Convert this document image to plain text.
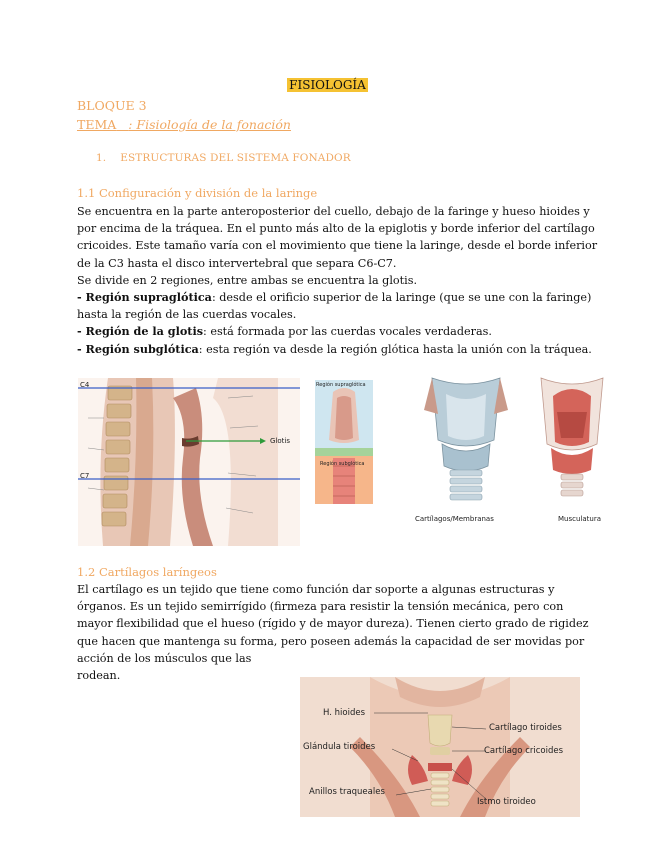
FISIOLOGÍA
BLOQUE 3
TEMA : Fisiología de la fonación
1. ESTRUCTURAS DEL SISTEMA FONADOR
1.1 Configuración y división de la laringe

Se encuentra en la parte anteroposterior del cuello, debajo de la faringe y hueso hioides y

por encima de la tráquea. En el punto más alto de la epiglotis y borde inferior del cartílago

cricoides. Este tamaño varía con el movimiento que tiene la laringe, desde el borde inferior

de la C3 hasta el disco intervertebral que separa C6-C7.

Se divide en 2 regiones, entre ambas se encuentra la glotis.

- Región supraglótica: desde el orificio superior de la laringe (que se une con la faringe)

hasta la región de las cuerdas vocales.

- Región de la glotis: está formada por las cuerdas vocales verdaderas.

- Región subglótica: esta región va desde la región glótica hasta la unión con la tráquea.

C4
C7
Glotis
Región supraglótica
Región subglótica
Cartílagos/Membranas	Musculatura
1.2 Cartílagos laríngeos

El cartílago es un tejido que tiene como función dar soporte a algunas estructuras y

órganos. Es un tejido semirrígido (firmeza para resistir la tensión mecánica, pero con

mayor flexibilidad que el hueso (rígido y de mayor dureza). Tienen cierto grado de rigidez

que hacen que mantenga su forma, pero poseen además la capacidad de ser movidas por

acción de los músculos que las

rodean.

H. hioides
Glándula tiroides
Anillos traqueales
Cartílago tiroides
Cartílago cricoides
Istmo tiroideo
